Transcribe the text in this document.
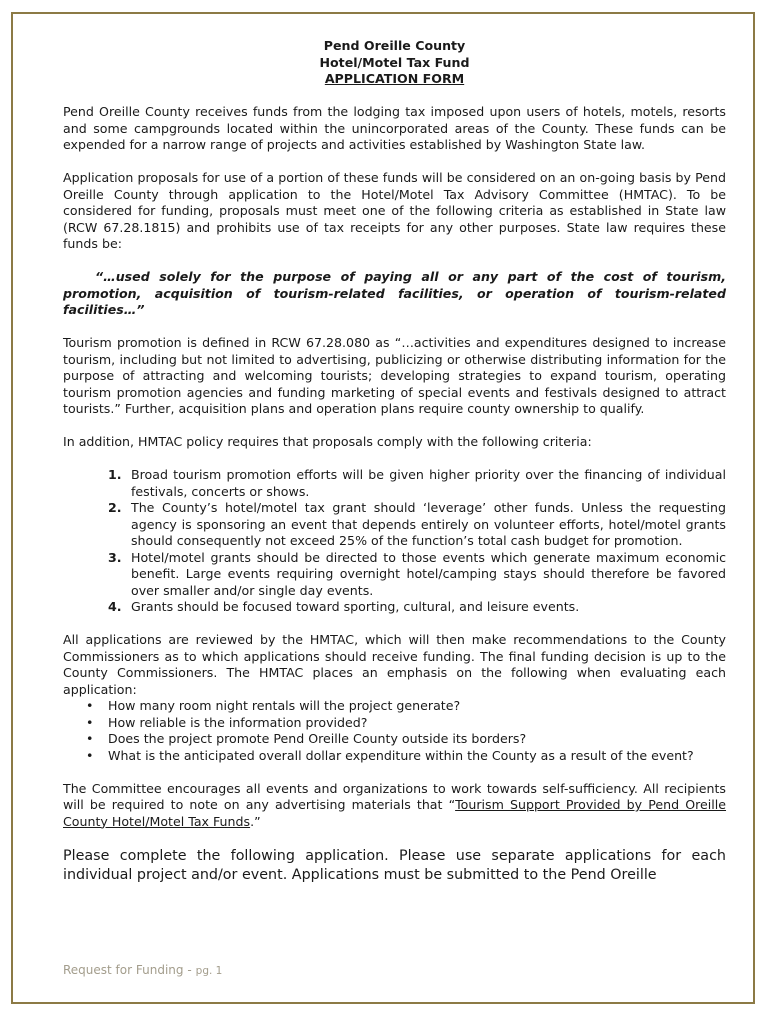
Pend Oreille County
Hotel/Motel Tax Fund
APPLICATION FORM

Pend Oreille County receives funds from the lodging tax imposed upon users of hotels, motels, resorts and some campgrounds located within the unincorporated areas of the County. These funds can be expended for a narrow range of projects and activities established by Washington State law.

Application proposals for use of a portion of these funds will be considered on an on-going basis by Pend Oreille County through application to the Hotel/Motel Tax Advisory Committee (HMTAC). To be considered for funding, proposals must meet one of the following criteria as established in State law (RCW 67.28.1815) and prohibits use of tax receipts for any other purposes. State law requires these funds be:

“…used solely for the purpose of paying all or any part of the cost of tourism, promotion, acquisition of tourism-related facilities, or operation of tourism-related facilities…”

Tourism promotion is defined in RCW 67.28.080 as “…activities and expenditures designed to increase tourism, including but not limited to advertising, publicizing or otherwise distributing information for the purpose of attracting and welcoming tourists; developing strategies to expand tourism, operating tourism promotion agencies and funding marketing of special events and festivals designed to attract tourists.” Further, acquisition plans and operation plans require county ownership to qualify.

In addition, HMTAC policy requires that proposals comply with the following criteria:

1. Broad tourism promotion efforts will be given higher priority over the financing of individual festivals, concerts or shows.
2. The County’s hotel/motel tax grant should ‘leverage’ other funds. Unless the requesting agency is sponsoring an event that depends entirely on volunteer efforts, hotel/motel grants should consequently not exceed 25% of the function’s total cash budget for promotion.
3. Hotel/motel grants should be directed to those events which generate maximum economic benefit. Large events requiring overnight hotel/camping stays should therefore be favored over smaller and/or single day events.
4. Grants should be focused toward sporting, cultural, and leisure events.

All applications are reviewed by the HMTAC, which will then make recommendations to the County Commissioners as to which applications should receive funding. The final funding decision is up to the County Commissioners. The HMTAC places an emphasis on the following when evaluating each application:

• How many room night rentals will the project generate?
• How reliable is the information provided?
• Does the project promote Pend Oreille County outside its borders?
• What is the anticipated overall dollar expenditure within the County as a result of the event?

The Committee encourages all events and organizations to work towards self-sufficiency. All recipients will be required to note on any advertising materials that “Tourism Support Provided by Pend Oreille County Hotel/Motel Tax Funds.”

Please complete the following application. Please use separate applications for each individual project and/or event. Applications must be submitted to the Pend Oreille

Request for Funding - pg. 1
